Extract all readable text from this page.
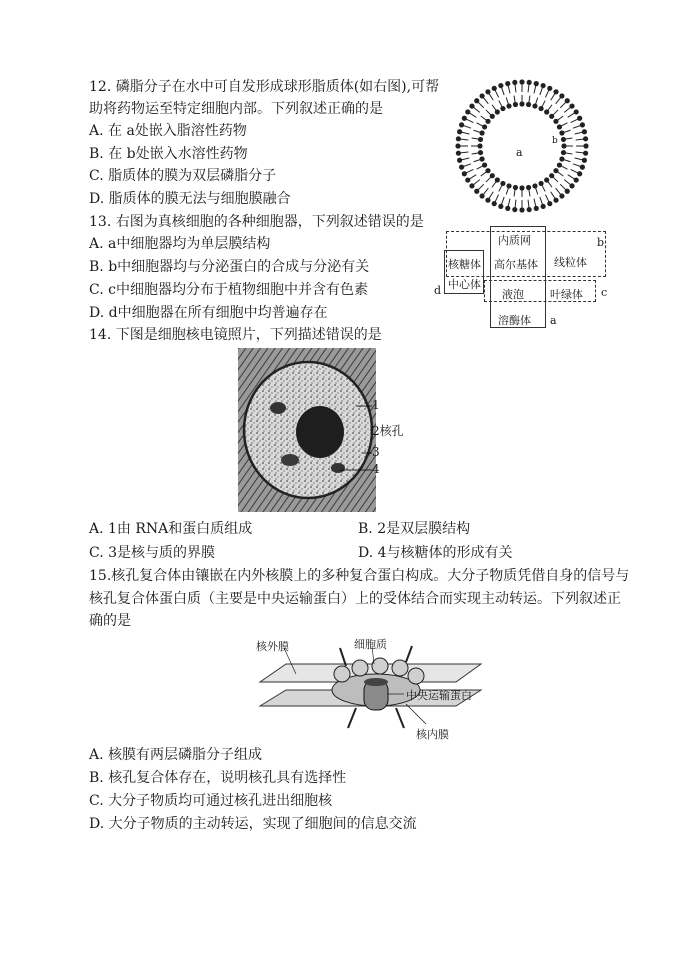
12. 磷脂分子在水中可自发形成球形脂质体(如右图),可帮
助将药物运至特定细胞内部。下列叙述正确的是
A. 在 a处嵌入脂溶性药物
B. 在 b处嵌入水溶性药物
C. 脂质体的膜为双层磷脂分子
D. 脂质体的膜无法与细胞膜融合
a
b
13. 右图为真核细胞的各种细胞器，下列叙述错误的是
A. a中细胞器均为单层膜结构
B. b中细胞器均与分泌蛋白的合成与分泌有关
C. c中细胞器均分布于植物细胞中并含有色素
D. d中细胞器在所有细胞中均普遍存在
内质网
高尔基体
核糖体	线粒体
中心体
液泡 叶绿体
溶酶体
b
c
d
a
14. 下图是细胞核电镜照片，下列描述错误的是
1
2核孔
3
4
A. 1由 RNA和蛋白质组成	B. 2是双层膜结构
C. 3是核与质的界膜	D. 4与核糖体的形成有关
15.核孔复合体由镶嵌在内外核膜上的多种复合蛋白构成。大分子物质凭借自身的信号与
核孔复合体蛋白质（主要是中央运输蛋白）上的受体结合而实现主动转运。下列叙述正
确的是
核外膜	细胞质
中央运输蛋白
核内膜
A. 核膜有两层磷脂分子组成
B. 核孔复合体存在，说明核孔具有选择性
C. 大分子物质均可通过核孔进出细胞核
D. 大分子物质的主动转运，实现了细胞间的信息交流
